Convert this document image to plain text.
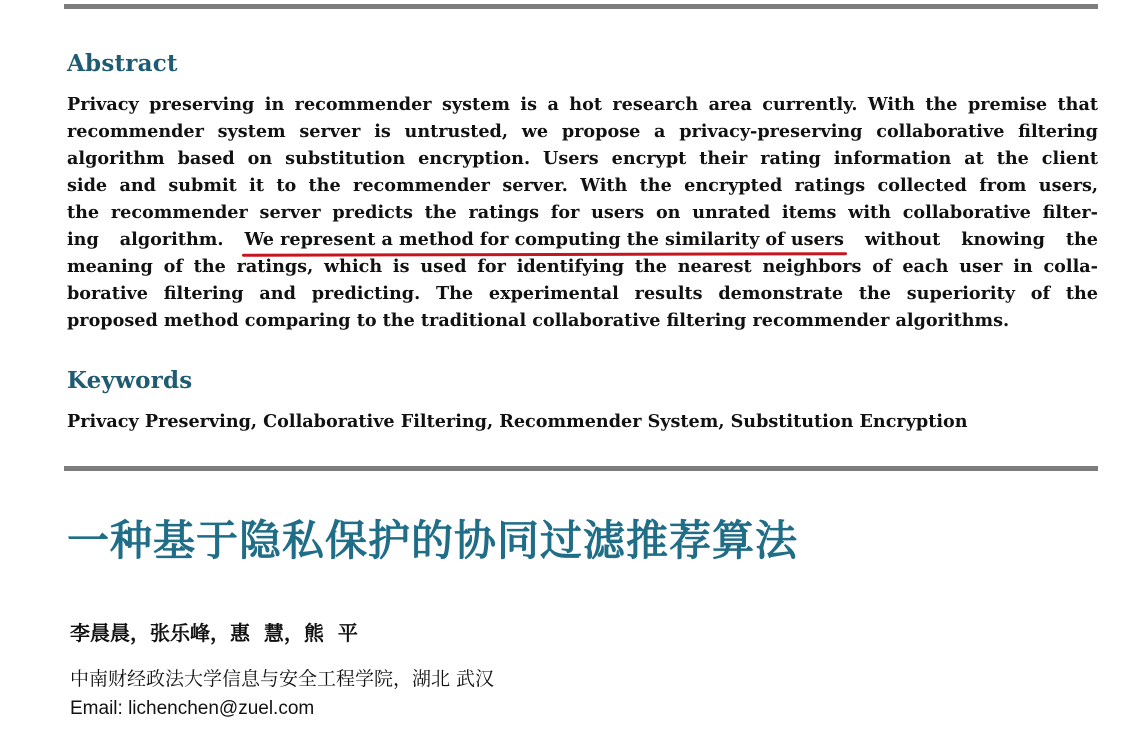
Abstract
Privacy preserving in recommender system is a hot research area currently. With the premise that
recommender system server is untrusted, we propose a privacy-preserving collaborative filtering
algorithm based on substitution encryption. Users encrypt their rating information at the client
side and submit it to the recommender server. With the encrypted ratings collected from users,
the recommender server predicts the ratings for users on unrated items with collaborative filter-
ing algorithm. We represent a method for computing the similarity of users without knowing the
meaning of the ratings, which is used for identifying the nearest neighbors of each user in colla-
borative filtering and predicting. The experimental results demonstrate the superiority of the
proposed method comparing to the traditional collaborative filtering recommender algorithms.
Keywords

Privacy Preserving, Collaborative Filtering, Recommender System, Substitution Encryption

一种基于隐私保护的协同过滤推荐算法

李晨晨，张乐峰，惠  慧，熊  平

中南财经政法大学信息与安全工程学院，湖北 武汉

Email: lichenchen@zuel.com
